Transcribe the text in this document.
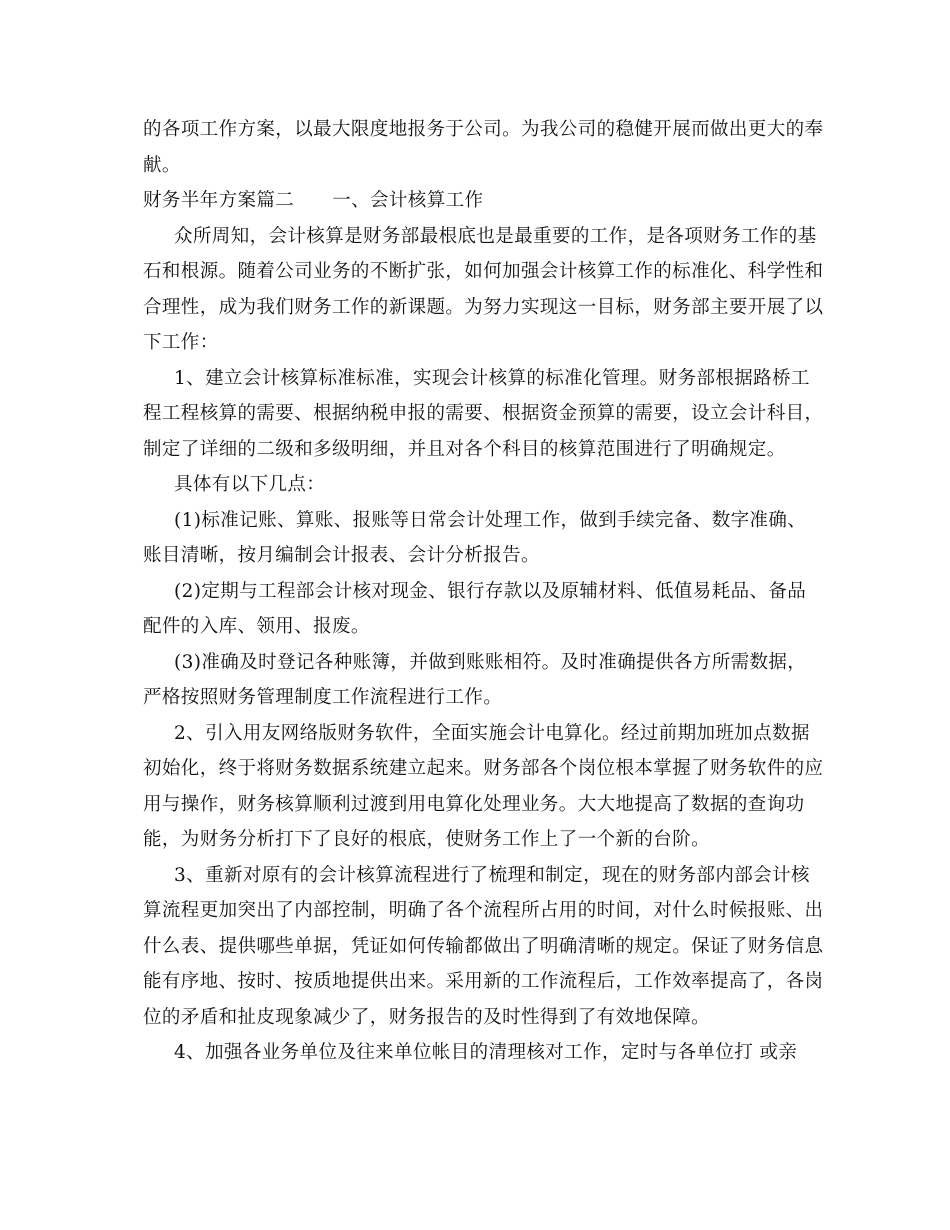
的各项工作方案，以最大限度地报务于公司。为我公司的稳健开展而做出更大的奉
献。
财务半年方案篇二 一、会计核算工作
众所周知，会计核算是财务部最根底也是最重要的工作，是各项财务工作的基
石和根源。随着公司业务的不断扩张，如何加强会计核算工作的标准化、科学性和
合理性，成为我们财务工作的新课题。为努力实现这一目标，财务部主要开展了以
下工作：
1、建立会计核算标准标准，实现会计核算的标准化管理。财务部根据路桥工
程工程核算的需要、根据纳税申报的需要、根据资金预算的需要，设立会计科目，
制定了详细的二级和多级明细，并且对各个科目的核算范围进行了明确规定。
具体有以下几点：
(1)标准记账、算账、报账等日常会计处理工作，做到手续完备、数字准确、
账目清晰，按月编制会计报表、会计分析报告。
(2)定期与工程部会计核对现金、银行存款以及原辅材料、低值易耗品、备品
配件的入库、领用、报废。
(3)准确及时登记各种账簿，并做到账账相符。及时准确提供各方所需数据，
严格按照财务管理制度工作流程进行工作。
2、引入用友网络版财务软件，全面实施会计电算化。经过前期加班加点数据
初始化，终于将财务数据系统建立起来。财务部各个岗位根本掌握了财务软件的应
用与操作，财务核算顺利过渡到用电算化处理业务。大大地提高了数据的查询功
能，为财务分析打下了良好的根底，使财务工作上了一个新的台阶。
3、重新对原有的会计核算流程进行了梳理和制定，现在的财务部内部会计核
算流程更加突出了内部控制，明确了各个流程所占用的时间，对什么时候报账、出
什么表、提供哪些单据，凭证如何传输都做出了明确清晰的规定。保证了财务信息
能有序地、按时、按质地提供出来。采用新的工作流程后，工作效率提高了，各岗
位的矛盾和扯皮现象减少了，财务报告的及时性得到了有效地保障。
4、加强各业务单位及往来单位帐目的清理核对工作，定时与各单位打 或亲
